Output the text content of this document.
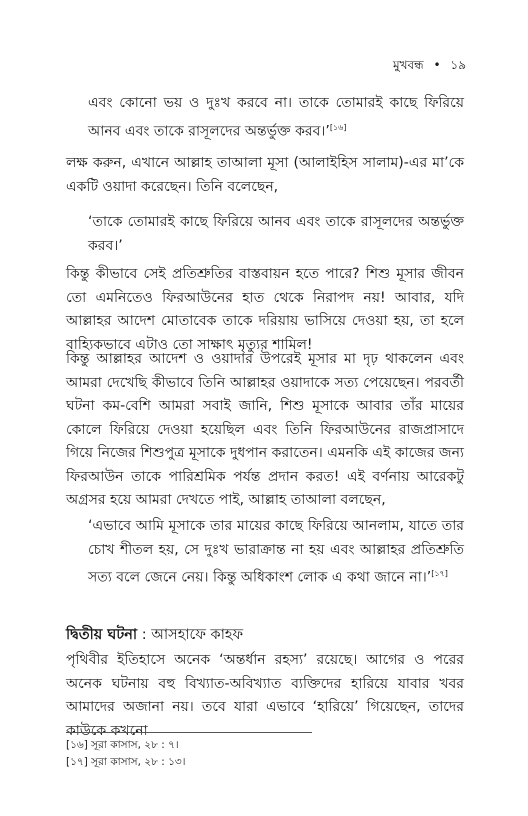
মুখবন্ধ • ১৯

এবং কোনো ভয় ও দুঃখ করবে না। তাকে তোমারই কাছে ফিরিয়ে আনব এবং তাকে রাসূলদের অন্তর্ভুক্ত করব।’[১৬]

লক্ষ করুন, এখানে আল্লাহ তাআলা মূসা (আলাইহিস সালাম)-এর মা’কে একটি ওয়াদা করেছেন। তিনি বলেছেন,

‘তাকে তোমারই কাছে ফিরিয়ে আনব এবং তাকে রাসূলদের অন্তর্ভুক্ত করব।’

কিন্তু কীভাবে সেই প্রতিশ্রুতির বাস্তবায়ন হতে পারে? শিশু মূসার জীবন তো এমনিতেও ফিরআউনের হাত থেকে নিরাপদ নয়! আবার, যদি আল্লাহর আদেশ মোতাবেক তাকে দরিয়ায় ভাসিয়ে দেওয়া হয়, তা হলে বাহ্যিকভাবে এটাও তো সাক্ষাৎ মৃত্যুর শামিল!

কিন্তু আল্লাহর আদেশ ও ওয়াদার উপরেই মূসার মা দৃঢ় থাকলেন এবং আমরা দেখেছি কীভাবে তিনি আল্লাহর ওয়াদাকে সত্য পেয়েছেন। পরবর্তী ঘটনা কম-বেশি আমরা সবাই জানি, শিশু মূসাকে আবার তাঁর মায়ের কোলে ফিরিয়ে দেওয়া হয়েছিল এবং তিনি ফিরআউনের রাজপ্রাসাদে গিয়ে নিজের শিশুপুত্র মূসাকে দুধপান করাতেন। এমনকি এই কাজের জন্য ফিরআউন তাকে পারিশ্রমিক পর্যন্ত প্রদান করত! এই বর্ণনায় আরেকটু অগ্রসর হয়ে আমরা দেখতে পাই, আল্লাহ তাআলা বলছেন,

‘এভাবে আমি মূসাকে তার মায়ের কাছে ফিরিয়ে আনলাম, যাতে তার চোখ শীতল হয়, সে দুঃখ ভারাক্রান্ত না হয় এবং আল্লাহর প্রতিশ্রুতি সত্য বলে জেনে নেয়। কিন্তু অধিকাংশ লোক এ কথা জানে না।’[১৭]

দ্বিতীয় ঘটনা : আসহাফে কাহফ

পৃথিবীর ইতিহাসে অনেক ‘অন্তর্ধান রহস্য’ রয়েছে। আগের ও পরের অনেক ঘটনায় বহু বিখ্যাত-অবিখ্যাত ব্যক্তিদের হারিয়ে যাবার খবর আমাদের অজানা নয়। তবে যারা এভাবে ‘হারিয়ে’ গিয়েছেন, তাদের কাউকে কখনো

[১৬] সূরা কাসাস, ২৮ : ৭।
[১৭] সূরা কাসাস, ২৮ : ১৩।
